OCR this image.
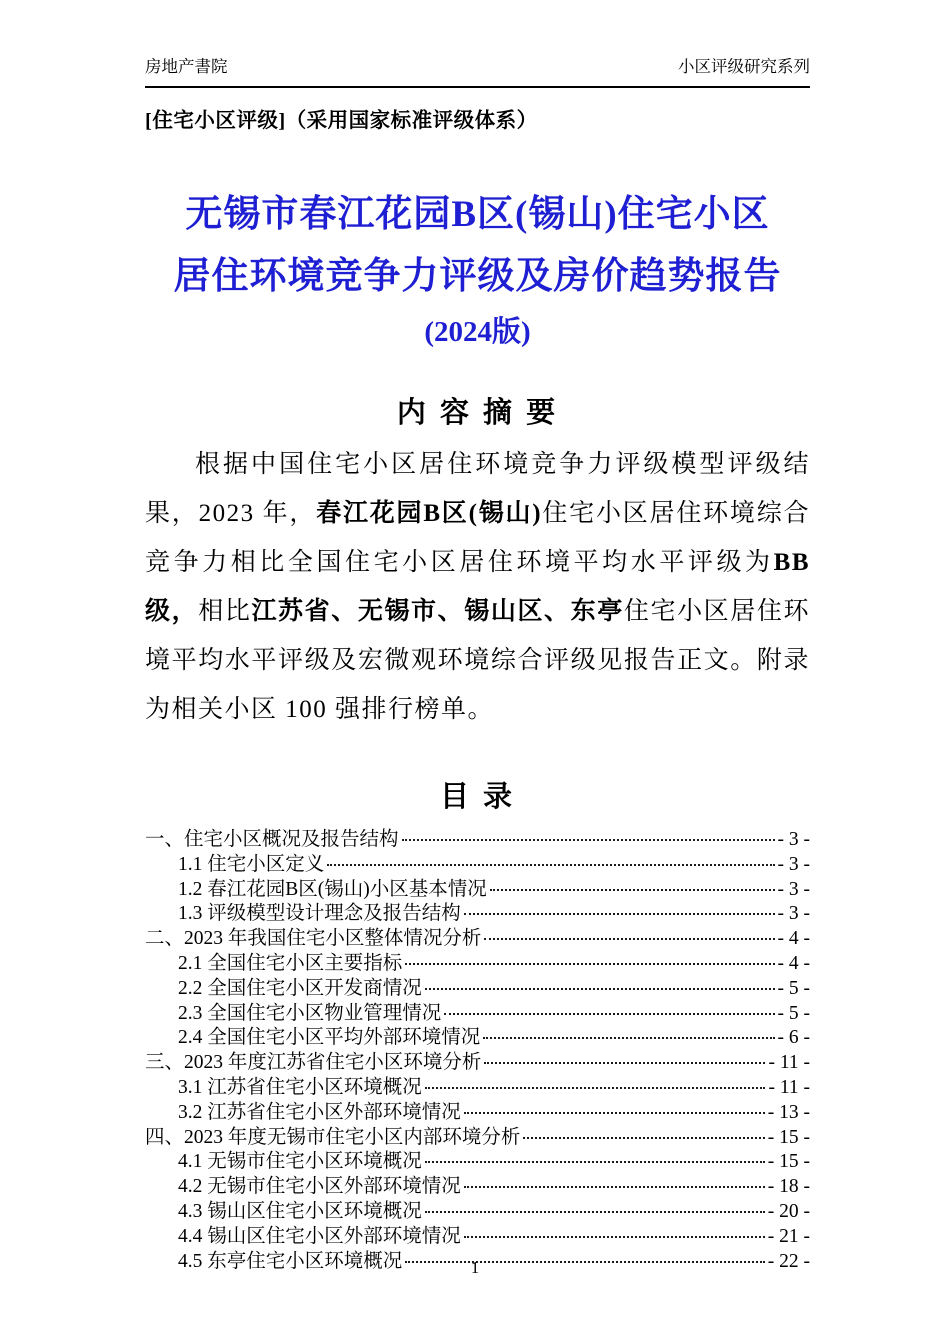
房地产書院	小区评级研究系列
[住宅小区评级]（采用国家标准评级体系）
无锡市春江花园B区(锡山)住宅小区
居住环境竞争力评级及房价趋势报告
(2024版)
内 容 摘 要
根据中国住宅小区居住环境竞争力评级模型评级结果，2023 年，春江花园B区(锡山)住宅小区居住环境综合竞争力相比全国住宅小区居住环境平均水平评级为BB 级，相比江苏省、无锡市、锡山区、东亭住宅小区居住环境平均水平评级及宏微观环境综合评级见报告正文。附录为相关小区 100 强排行榜单。
目 录
一、住宅小区概况及报告结构	- 3 -
1.1 住宅小区定义	- 3 -
1.2 春江花园B区(锡山)小区基本情况	- 3 -
1.3 评级模型设计理念及报告结构	- 3 -
二、2023 年我国住宅小区整体情况分析	- 4 -
2.1 全国住宅小区主要指标	- 4 -
2.2 全国住宅小区开发商情况	- 5 -
2.3 全国住宅小区物业管理情况	- 5 -
2.4 全国住宅小区平均外部环境情况	- 6 -
三、2023 年度江苏省住宅小区环境分析	- 11 -
3.1 江苏省住宅小区环境概况	- 11 -
3.2 江苏省住宅小区外部环境情况	- 13 -
四、2023 年度无锡市住宅小区内部环境分析	- 15 -
4.1 无锡市住宅小区环境概况	- 15 -
4.2 无锡市住宅小区外部环境情况	- 18 -
4.3 锡山区住宅小区环境概况	- 20 -
4.4 锡山区住宅小区外部环境情况	- 21 -
4.5 东亭住宅小区环境概况	- 22 -
1
